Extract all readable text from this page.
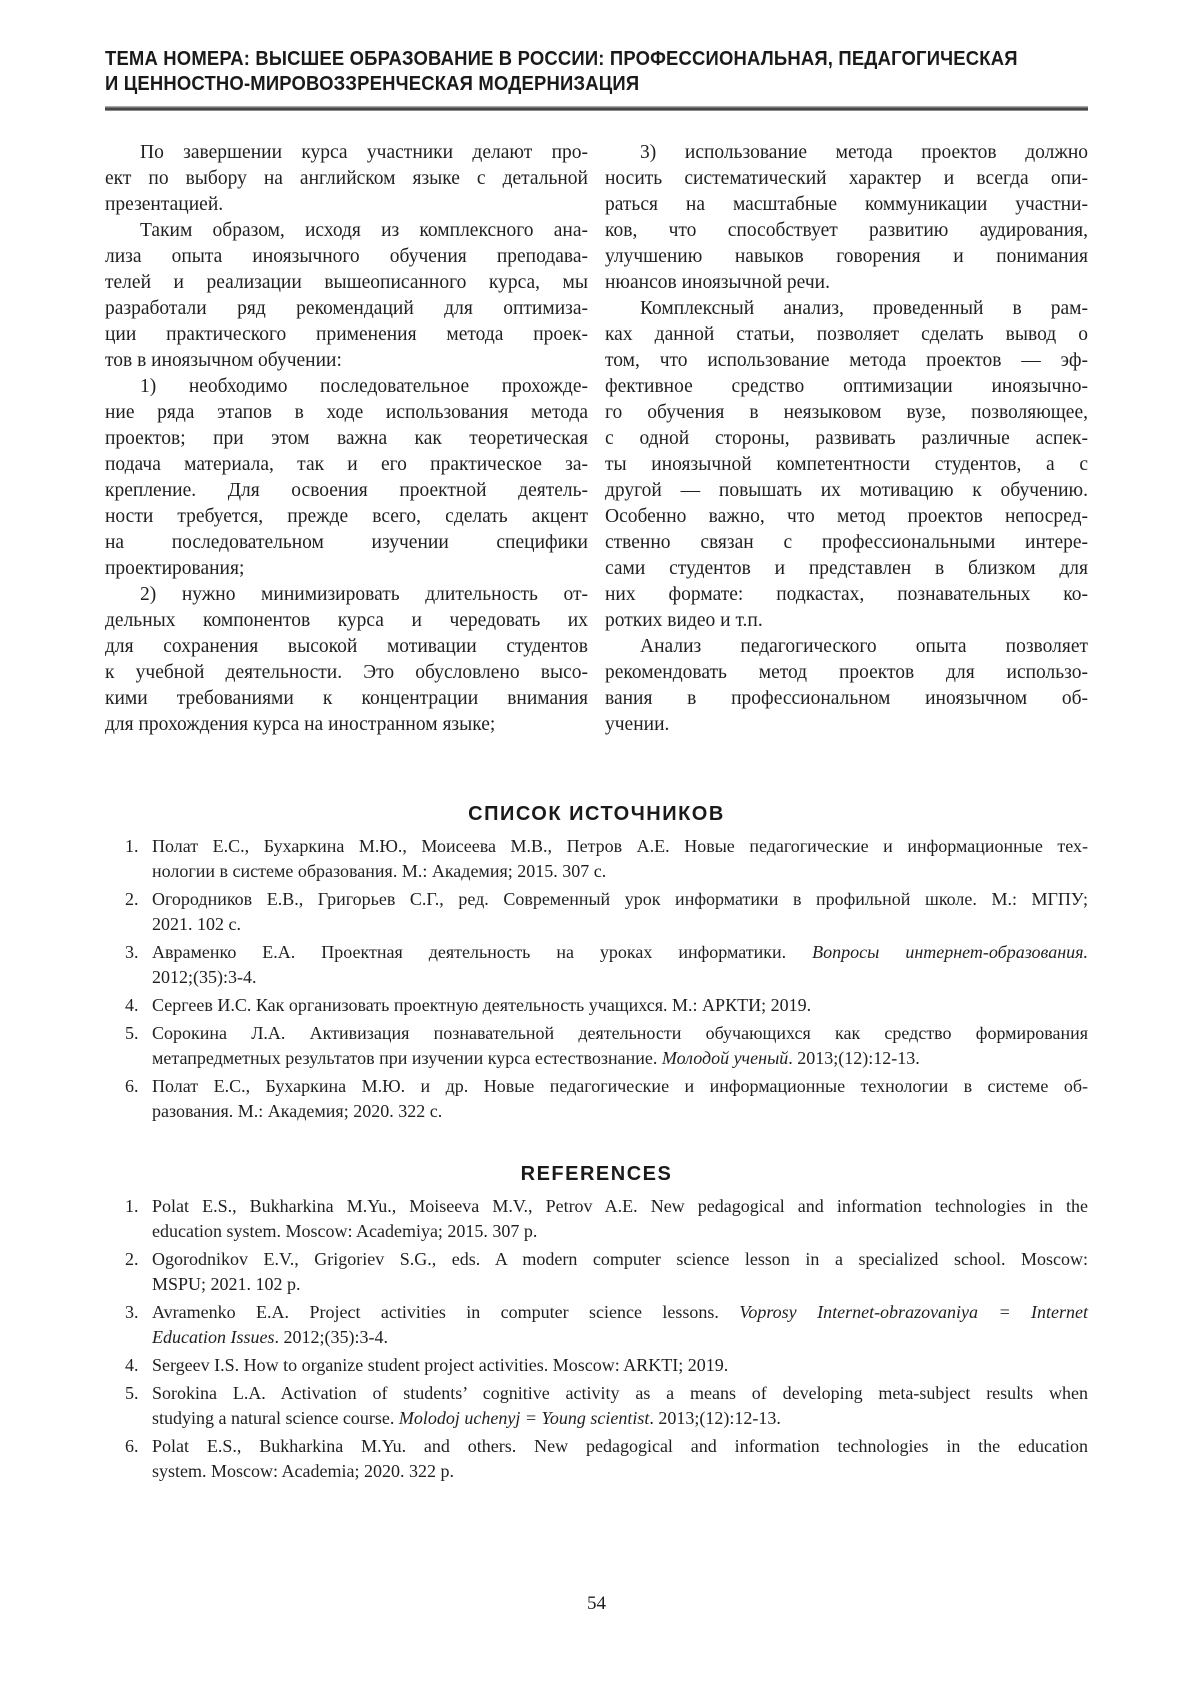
ТЕМА НОМЕРА: ВЫСШЕЕ ОБРАЗОВАНИЕ В РОССИИ: ПРОФЕССИОНАЛЬНАЯ, ПЕДАГОГИЧЕСКАЯ
И ЦЕННОСТНО-МИРОВОЗЗРЕНЧЕСКАЯ МОДЕРНИЗАЦИЯ
По завершении курса участники делают про-
ект по выбору на английском языке с детальной
презентацией.
Таким образом, исходя из комплексного ана-
лиза опыта иноязычного обучения преподава-
телей и реализации вышеописанного курса, мы
разработали ряд рекомендаций для оптимиза-
ции практического применения метода проек-
тов в иноязычном обучении:
1) необходимо последовательное прохожде-
ние ряда этапов в ходе использования метода
проектов; при этом важна как теоретическая
подача материала, так и его практическое за-
крепление. Для освоения проектной деятель-
ности требуется, прежде всего, сделать акцент
на последовательном изучении специфики
проектирования;
2) нужно минимизировать длительность от-
дельных компонентов курса и чередовать их
для сохранения высокой мотивации студентов
к учебной деятельности. Это обусловлено высо-
кими требованиями к концентрации внимания
для прохождения курса на иностранном языке;
3) использование метода проектов должно
носить систематический характер и всегда опи-
раться на масштабные коммуникации участни-
ков, что способствует развитию аудирования,
улучшению навыков говорения и понимания
нюансов иноязычной речи.
Комплексный анализ, проведенный в рам-
ках данной статьи, позволяет сделать вывод о
том, что использование метода проектов — эф-
фективное средство оптимизации иноязычно-
го обучения в неязыковом вузе, позволяющее,
с одной стороны, развивать различные аспек-
ты иноязычной компетентности студентов, а с
другой — повышать их мотивацию к обучению.
Особенно важно, что метод проектов непосред-
ственно связан с профессиональными интере-
сами студентов и представлен в близком для
них формате: подкастах, познавательных ко-
ротких видео и т.п.
Анализ педагогического опыта позволяет
рекомендовать метод проектов для использо-
вания в профессиональном иноязычном об-
учении.
СПИСОК ИСТОЧНИКОВ
1. Полат Е.С., Бухаркина М.Ю., Моисеева М.В., Петров А.Е. Новые педагогические и информационные тех-
нологии в системе образования. М.: Академия; 2015. 307 с.
2. Огородников Е.В., Григорьев С.Г., ред. Современный урок информатики в профильной школе. М.: МГПУ;
2021. 102 с.
3. Авраменко Е.А. Проектная деятельность на уроках информатики. Вопросы интернет-образования.
2012;(35):3-4.
4. Сергеев И.С. Как организовать проектную деятельность учащихся. М.: АРКТИ; 2019.
5. Сорокина Л.А. Активизация познавательной деятельности обучающихся как средство формирования
метапредметных результатов при изучении курса естествознание. Молодой ученый. 2013;(12):12-13.
6. Полат Е.С., Бухаркина М.Ю. и др. Новые педагогические и информационные технологии в системе об-
разования. М.: Академия; 2020. 322 с.
REFERENCES
1. Polat E.S., Bukharkina M.Yu., Moiseeva M.V., Petrov A.E. New pedagogical and information technologies in the
education system. Moscow: Academiya; 2015. 307 p.
2. Ogorodnikov E.V., Grigoriev S.G., eds. A modern computer science lesson in a specialized school. Moscow:
MSPU; 2021. 102 p.
3. Avramenko E.A. Project activities in computer science lessons. Voprosy Internet-obrazovaniya = Internet
Education Issues. 2012;(35):3-4.
4. Sergeev I.S. How to organize student project activities. Moscow: ARKTI; 2019.
5. Sorokina L.A. Activation of students’ cognitive activity as a means of developing meta-subject results when
studying a natural science course. Molodoj uchenyj = Young scientist. 2013;(12):12-13.
6. Polat E.S., Bukharkina M.Yu. and others. New pedagogical and information technologies in the education
system. Moscow: Academia; 2020. 322 p.
54
